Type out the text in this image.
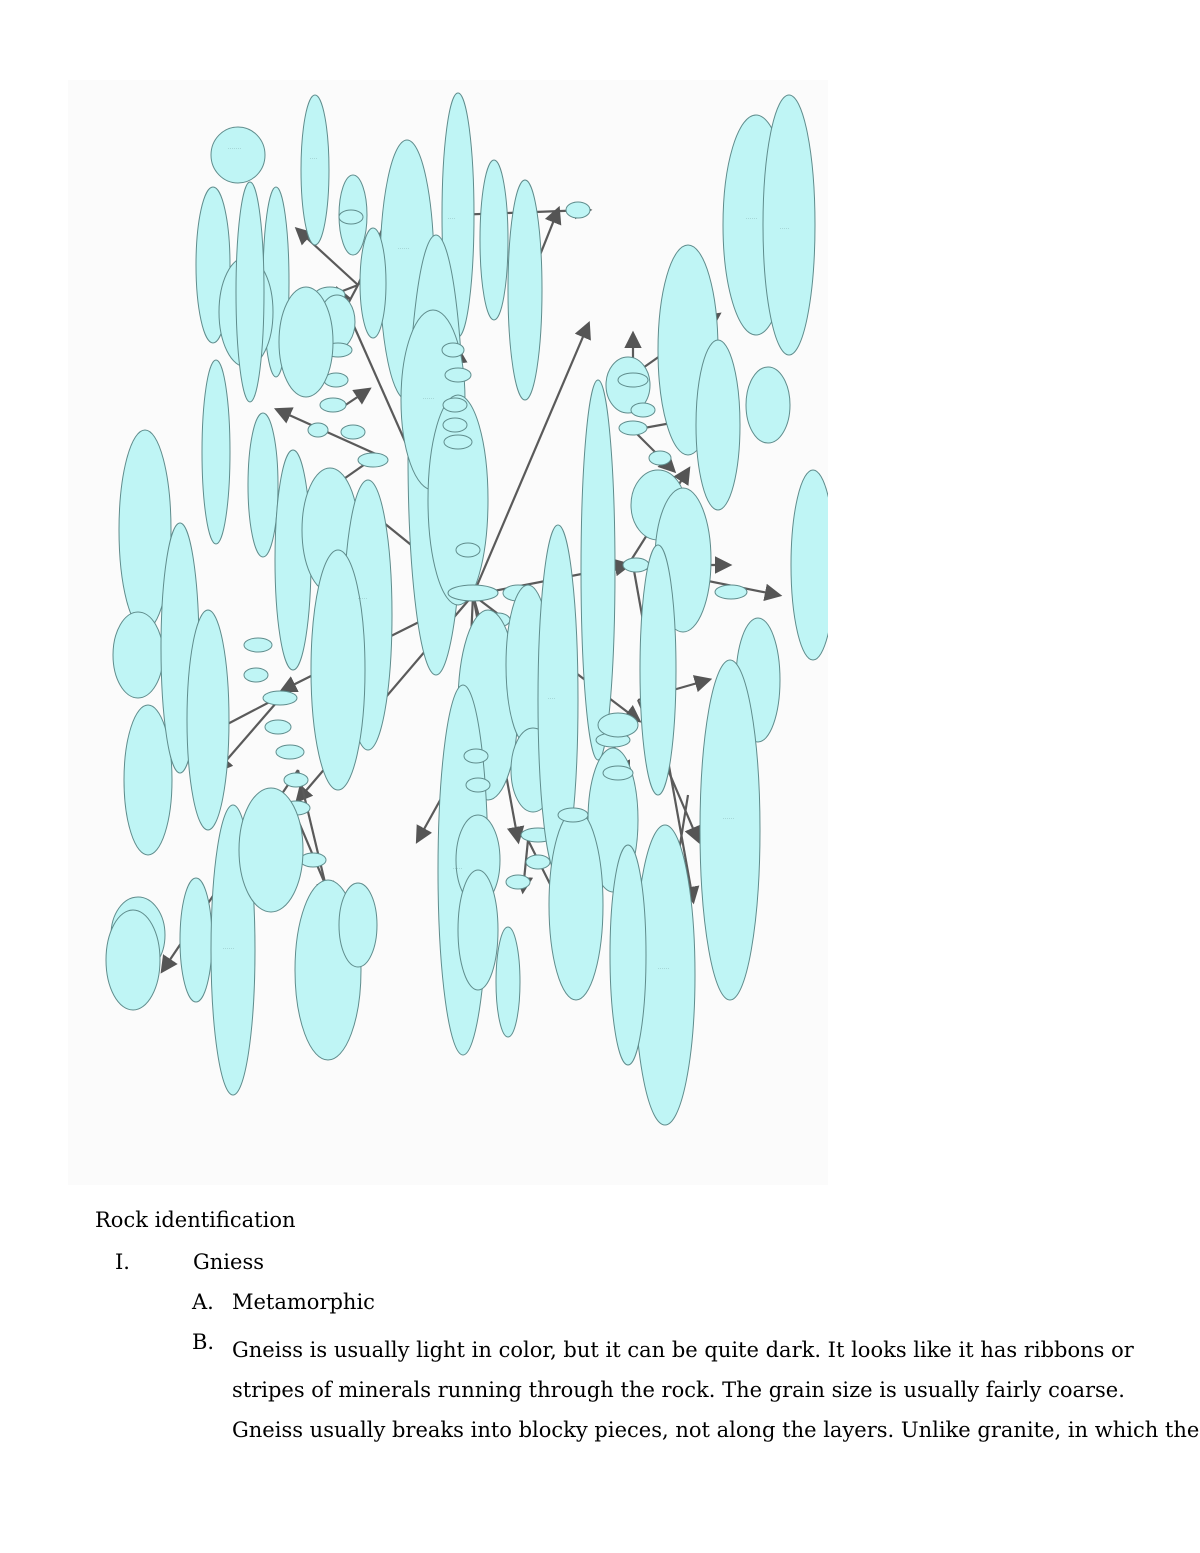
· · · · · · ·
· · · ·
· · · · · ·
· · · · · ·
· · · ·	· · · · · ·
· · · · ·
· · · ·
· · · · · ·
· · · · · ·
· · · · ·
· · · · · ·
· · · · ·
Rock identification
I.	Gniess
A. Metamorphic
B. Gneiss is usually light in color, but it can be quite dark. It looks like it has ribbons or
stripes of minerals running through the rock. The grain size is usually fairly coarse.
Gneiss usually breaks into blocky pieces, not along the layers. Unlike granite, in which the
